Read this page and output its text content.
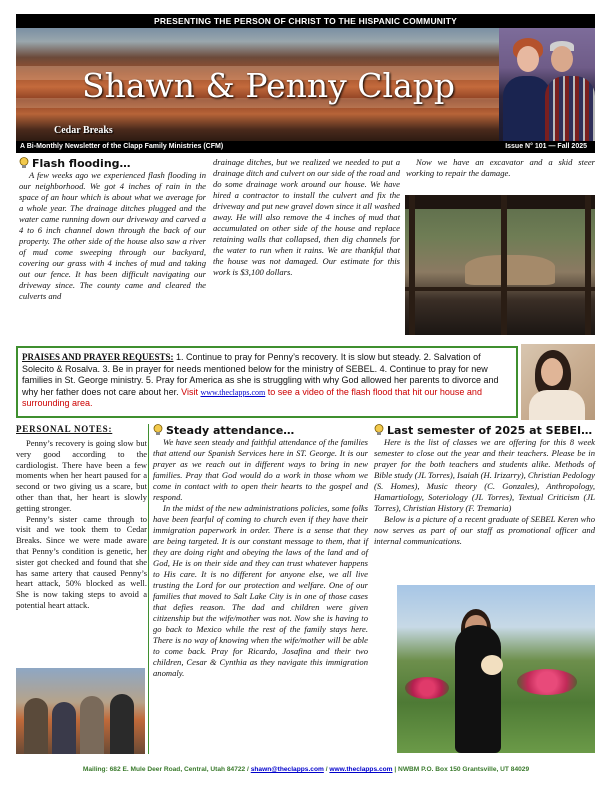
PRESENTING THE PERSON OF CHRIST TO THE HISPANIC COMMUNITY
Shawn & Penny Clapp
Cedar Breaks
A Bi-Monthly Newsletter of the Clapp Family Ministries (CFM)	Issue N° 101 — Fall 2025
Flash flooding…

A few weeks ago we experienced flash flooding in our neighborhood. We got 4 inches of rain in the space of an hour which is about what we average for a whole year. The drainage ditches plugged and the water came running down our driveway and carved a 4 to 6 inch channel down through the back of our property. The other side of the house also saw a river of mud come sweeping through our backyard, covering our grass with 4 inches of mud and taking out our fence. It has been difficult navigating our driveway since. The county came and cleared the culverts and

drainage ditches, but we realized we needed to put a drainage ditch and culvert on our side of the road and do some drainage work around our house. We have hired a contractor to install the culvert and fix the driveway and put new gravel down since it all washed away. He will also remove the 4 inches of mud that accumulated on other side of the house and replace retaining walls that collapsed, then dig channels for the water to run when it rains. We are thankful that the house was not damaged. Our estimate for this work is $3,100 dollars.

Now we have an excavator and a skid steer working to repair the damage.

PRAISES AND PRAYER REQUESTS: 1. Continue to pray for Penny’s recovery. It is slow but steady. 2. Salvation of Solecito & Rosalva. 3. Be in prayer for needs mentioned below for the ministry of SEBEL. 4. Continue to pray for new families in St. George ministry. 5. Pray for America as she is struggling with why God allowed her parents to divorce and why her father does not care about her. Visit www.theclapps.com to see a video of the flash flood that hit our house and surrounding area.
PERSONAL NOTES:

Penny’s recovery is going slow but very good according to the cardiologist. There have been a few moments when her heart paused for a second or two giving us a scare, but other than that, her heart is slowly getting stronger.

Penny’s sister came through to visit and we took them to Cedar Breaks. Since we were made aware that Penny’s condition is genetic, her sister got checked and found that she has same artery that caused Penny’s heart attack, 50% blocked as well. She is now taking steps to avoid a potential heart attack.

Steady attendance…

We have seen steady and faithful attendance of the families that attend our Spanish Services here in ST. George. It is our prayer as we reach out in different ways to bring in new families. Pray that God would do a work in those whom we come in contact with to open their hearts to the gospel and respond.

In the midst of the new administrations policies, some folks have been fearful of coming to church even if they have their immigration paperwork in order. There is a sense that they are being targeted. It is our constant message to them, that if they are doing right and obeying the laws of the land and of God, He is on their side and they can trust whatever happens to His care. It is no different for anyone else, we all live trusting the Lord for our protection and welfare. One of our families that moved to Salt Lake City is in one of those cases that defies reason. The dad and children were given citizenship but the wife/mother was not. Now she is having to go back to Mexico while the rest of the family stays here. There is no way of knowing when the wife/mother will be able to come back. Pray for Ricardo, Josafina and their two children, Cesar & Cynthia as they navigate this immigration anomaly.

Last semester of 2025 at SEBEI…

Here is the list of classes we are offering for this 8 week semester to close out the year and their teachers. Please be in prayer for the both teachers and students alike. Methods of Bible study (JL Torres), Isaiah (H. Irizarry), Christian Pedology (S. Homes), Music theory (C. Gonzales), Anthropology, Hamartiology, Soteriology (JL Torres), Textual Criticism (JL Torres), Christian History (F. Tremaria)

Below is a picture of a recent graduate of SEBEL Keren who now serves as part of our staff as promotional officer and internal communications.

Mailing: 682 E. Mule Deer Road, Central, Utah 84722 / shawn@theclapps.com / www.theclapps.com | NWBM P.O. Box 150 Grantsville, UT 84029
